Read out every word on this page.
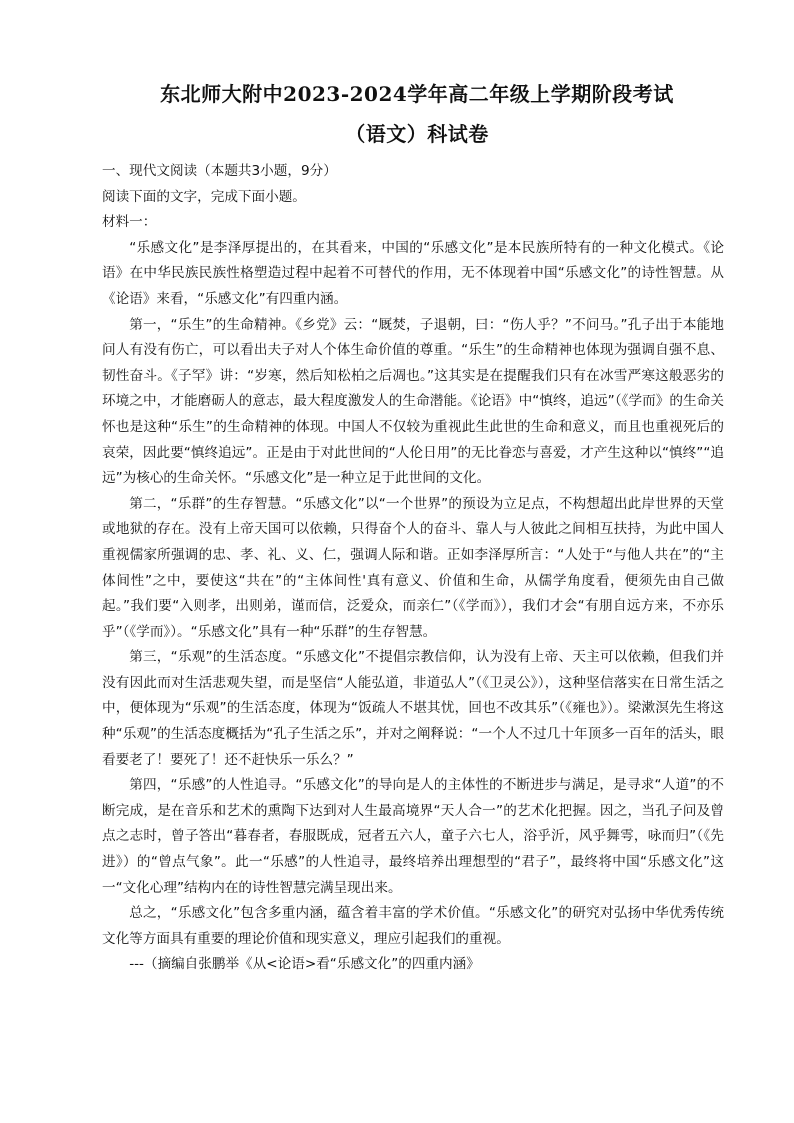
东北师大附中2023-2024学年高二年级上学期阶段考试
（语文）科试卷
一、现代文阅读（本题共3小题，9分）
阅读下面的文字，完成下面小题。
材料一：

“乐感文化”是李泽厚提出的，在其看来，中国的“乐感文化”是本民族所特有的一种文化模式。《论语》在中华民族民族性格塑造过程中起着不可替代的作用，无不体现着中国“乐感文化”的诗性智慧。从《论语》来看，“乐感文化”有四重内涵。

第一，“乐生”的生命精神。《乡党》云：“厩焚，子退朝，曰：“伤人乎？”不问马。”孔子出于本能地问人有没有伤亡，可以看出夫子对人个体生命价值的尊重。“乐生”的生命精神也体现为强调自强不息、韧性奋斗。《子罕》讲：“岁寒，然后知松柏之后凋也。”这其实是在提醒我们只有在冰雪严寒这般恶劣的环境之中，才能磨砺人的意志，最大程度激发人的生命潜能。《论语》中“慎终，追远”（《学而》的生命关怀也是这种“乐生”的生命精神的体现。中国人不仅较为重视此生此世的生命和意义，而且也重视死后的哀荣，因此要“慎终追远”。正是由于对此世间的“人伦日用”的无比眷恋与喜爱，才产生这种以“慎终”“追远”为核心的生命关怀。“乐感文化”是一种立足于此世间的文化。

第二，“乐群”的生存智慧。“乐感文化”以“一个世界”的预设为立足点，不构想超出此岸世界的天堂或地狱的存在。没有上帝天国可以依赖，只得奋个人的奋斗、靠人与人彼此之间相互扶持，为此中国人重视儒家所强调的忠、孝、礼、义、仁，强调人际和谐。正如李泽厚所言：“人处于“与他人共在”的“主体间性”之中，要使这“共在”的“主体间性'真有意义、价值和生命，从儒学角度看，便须先由自己做起。”我们要“入则孝，出则弟，谨而信，泛爱众，而亲仁”（《学而》），我们才会“有朋自远方来，不亦乐乎”（《学而》）。“乐感文化”具有一种“乐群”的生存智慧。

第三，“乐观”的生活态度。“乐感文化”不提倡宗教信仰，认为没有上帝、天主可以依赖，但我们并没有因此而对生活悲观失望，而是坚信“人能弘道，非道弘人”（《卫灵公》），这种坚信落实在日常生活之中，便体现为“乐观”的生活态度，体现为“饭疏人不堪其忧，回也不改其乐”（《雍也》）。梁漱溟先生将这种“乐观”的生活态度概括为“孔子生活之乐”，并对之阐释说：“一个人不过几十年顶多一百年的活头，眼看要老了！要死了！还不赶快乐一乐么？”

第四，“乐感”的人性追寻。“乐感文化”的导向是人的主体性的不断进步与满足，是寻求“人道”的不断完成，是在音乐和艺术的熏陶下达到对人生最高境界“天人合一”的艺术化把握。因之，当孔子问及曾点之志时，曾子答出“暮春者，春服既成，冠者五六人，童子六七人，浴乎沂，风乎舞雩，咏而归”（《先进》）的“曾点气象”。此一“乐感”的人性追寻，最终培养出理想型的“君子”，最终将中国“乐感文化”这一“文化心理”结构内在的诗性智慧完满呈现出来。

总之，“乐感文化”包含多重内涵，蕴含着丰富的学术价值。“乐感文化”的研究对弘扬中华优秀传统文化等方面具有重要的理论价值和现实意义，理应引起我们的重视。

---（摘编自张鹏举《从<论语>看“乐感文化”的四重内涵》
